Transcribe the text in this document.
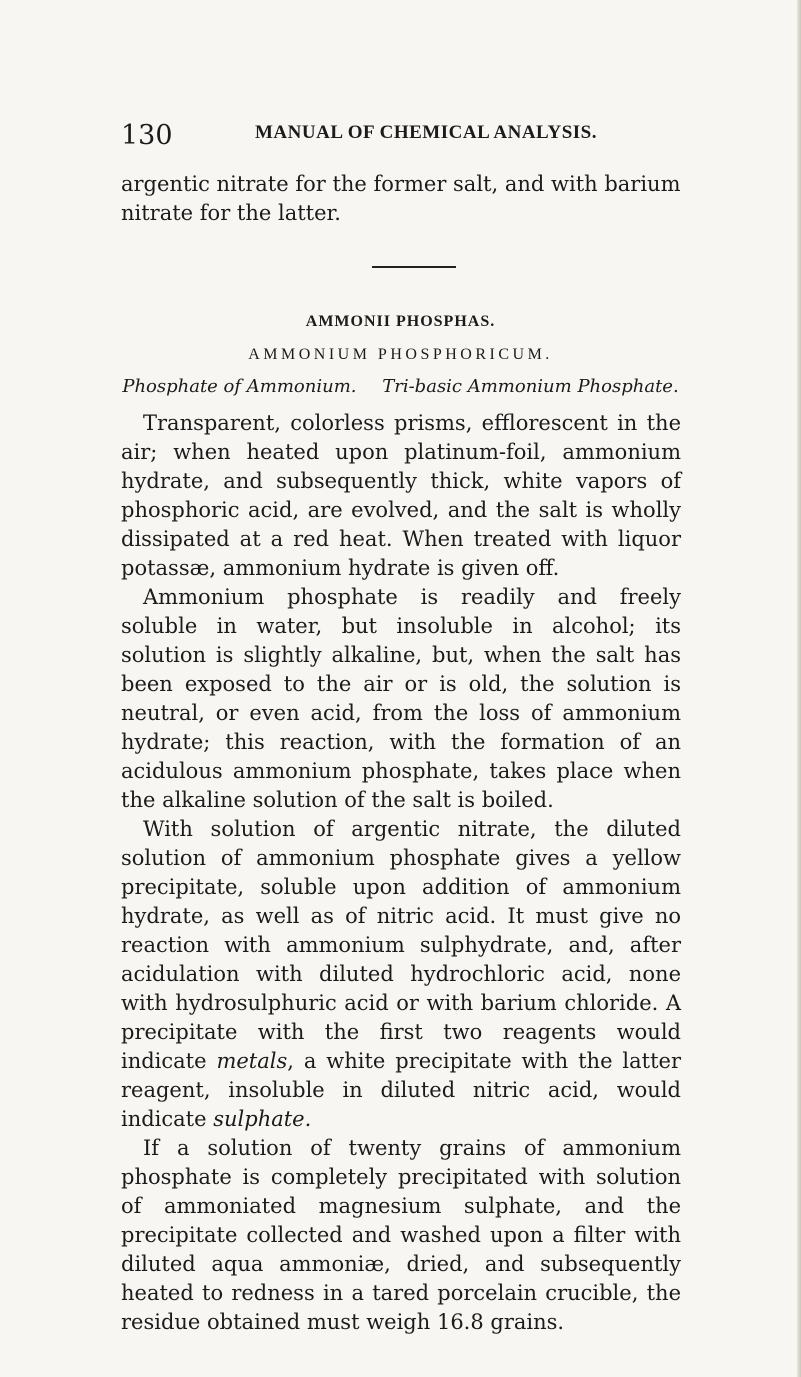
130	MANUAL OF CHEMICAL ANALYSIS.
argentic nitrate for the former salt, and with barium nitrate for the latter.
AMMONII PHOSPHAS.
AMMONIUM PHOSPHORICUM.
Phosphate of Ammonium. Tri-basic Ammonium Phosphate.

Transparent, colorless prisms, efflorescent in the air; when heated upon platinum-foil, ammonium hydrate, and subsequently thick, white vapors of phosphoric acid, are evolved, and the salt is wholly dissipated at a red heat. When treated with liquor potassæ, ammonium hydrate is given off.

Ammonium phosphate is readily and freely soluble in water, but insoluble in alcohol; its solution is slightly alkaline, but, when the salt has been exposed to the air or is old, the solution is neutral, or even acid, from the loss of ammonium hydrate; this reaction, with the formation of an acidulous ammonium phosphate, takes place when the alkaline solution of the salt is boiled.

With solution of argentic nitrate, the diluted solution of ammonium phosphate gives a yellow precipitate, soluble upon addition of ammonium hydrate, as well as of nitric acid. It must give no reaction with ammonium sulphydrate, and, after acidulation with diluted hydrochloric acid, none with hydrosulphuric acid or with barium chloride. A precipitate with the first two reagents would indicate metals, a white precipitate with the latter reagent, insoluble in diluted nitric acid, would indicate sulphate.

If a solution of twenty grains of ammonium phosphate is completely precipitated with solution of ammoniated magnesium sulphate, and the precipitate collected and washed upon a filter with diluted aqua ammoniæ, dried, and subsequently heated to redness in a tared porcelain crucible, the residue obtained must weigh 16.8 grains.
